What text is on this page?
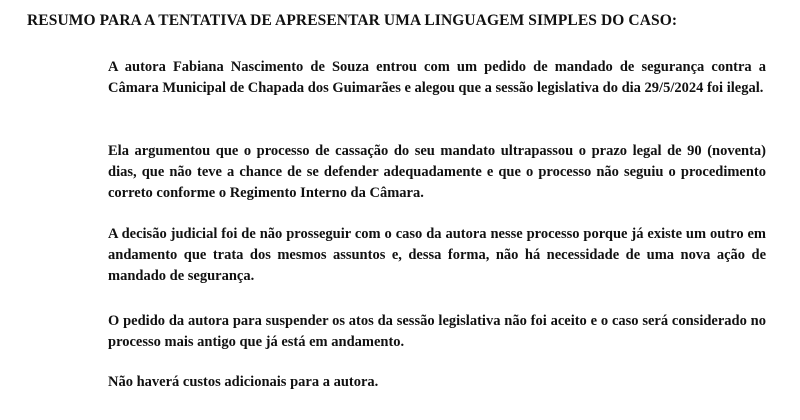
RESUMO PARA A TENTATIVA DE APRESENTAR UMA LINGUAGEM SIMPLES DO CASO:

A autora Fabiana Nascimento de Souza entrou com um pedido de mandado de segurança contra a Câmara Municipal de Chapada dos Guimarães e alegou que a sessão legislativa do dia 29/5/2024 foi ilegal.

Ela argumentou que o processo de cassação do seu mandato ultrapassou o prazo legal de 90 (noventa) dias, que não teve a chance de se defender adequadamente e que o processo não seguiu o procedimento correto conforme o Regimento Interno da Câmara.

A decisão judicial foi de não prosseguir com o caso da autora nesse processo porque já existe um outro em andamento que trata dos mesmos assuntos e, dessa forma, não há necessidade de uma nova ação de mandado de segurança.

O pedido da autora para suspender os atos da sessão legislativa não foi aceito e o caso será considerado no processo mais antigo que já está em andamento.

Não haverá custos adicionais para a autora.
